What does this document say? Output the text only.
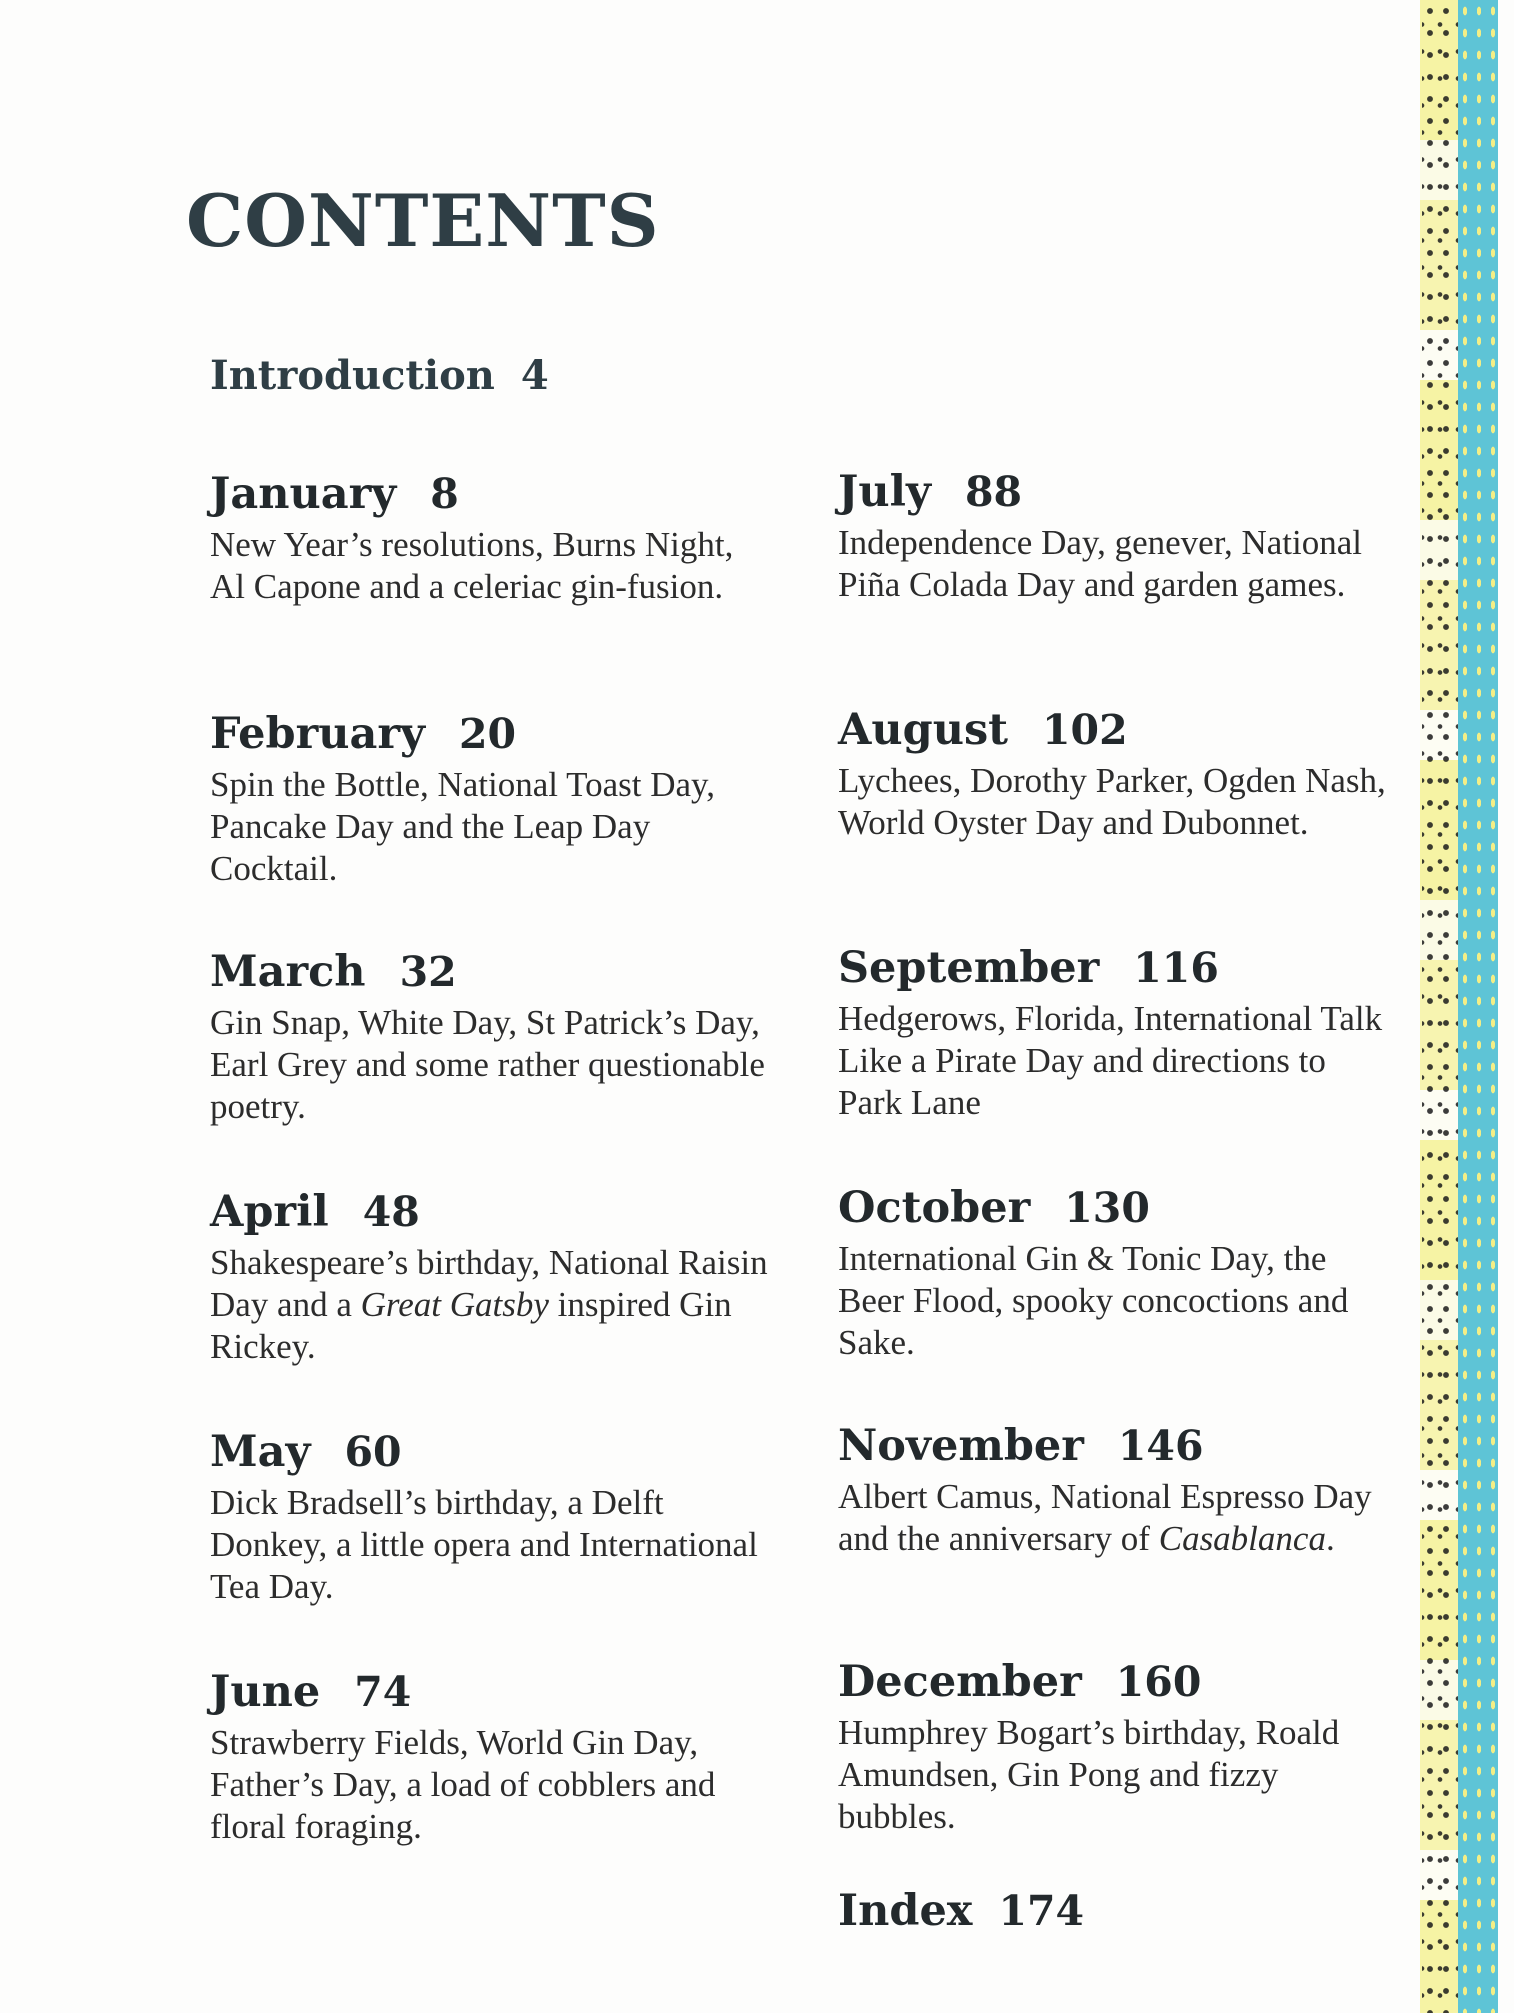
CONTENTS
Introduction 4
January 8
New Year’s resolutions, Burns Night, Al Capone and a celeriac gin-fusion.
February 20
Spin the Bottle, National Toast Day, Pancake Day and the Leap Day Cocktail.
March 32
Gin Snap, White Day, St Patrick’s Day, Earl Grey and some rather questionable poetry.
April 48
Shakespeare’s birthday, National Raisin Day and a Great Gatsby inspired Gin Rickey.
May 60
Dick Bradsell’s birthday, a Delft Donkey, a little opera and International Tea Day.
June 74
Strawberry Fields, World Gin Day, Father’s Day, a load of cobblers and floral foraging.
July 88
Independence Day, genever, National Piña Colada Day and garden games.
August 102
Lychees, Dorothy Parker, Ogden Nash, World Oyster Day and Dubonnet.
September 116
Hedgerows, Florida, International Talk Like a Pirate Day and directions to Park Lane
October 130
International Gin & Tonic Day, the Beer Flood, spooky concoctions and Sake.
November 146
Albert Camus, National Espresso Day and the anniversary of Casablanca.
December 160
Humphrey Bogart’s birthday, Roald Amundsen, Gin Pong and fizzy bubbles.
Index 174
